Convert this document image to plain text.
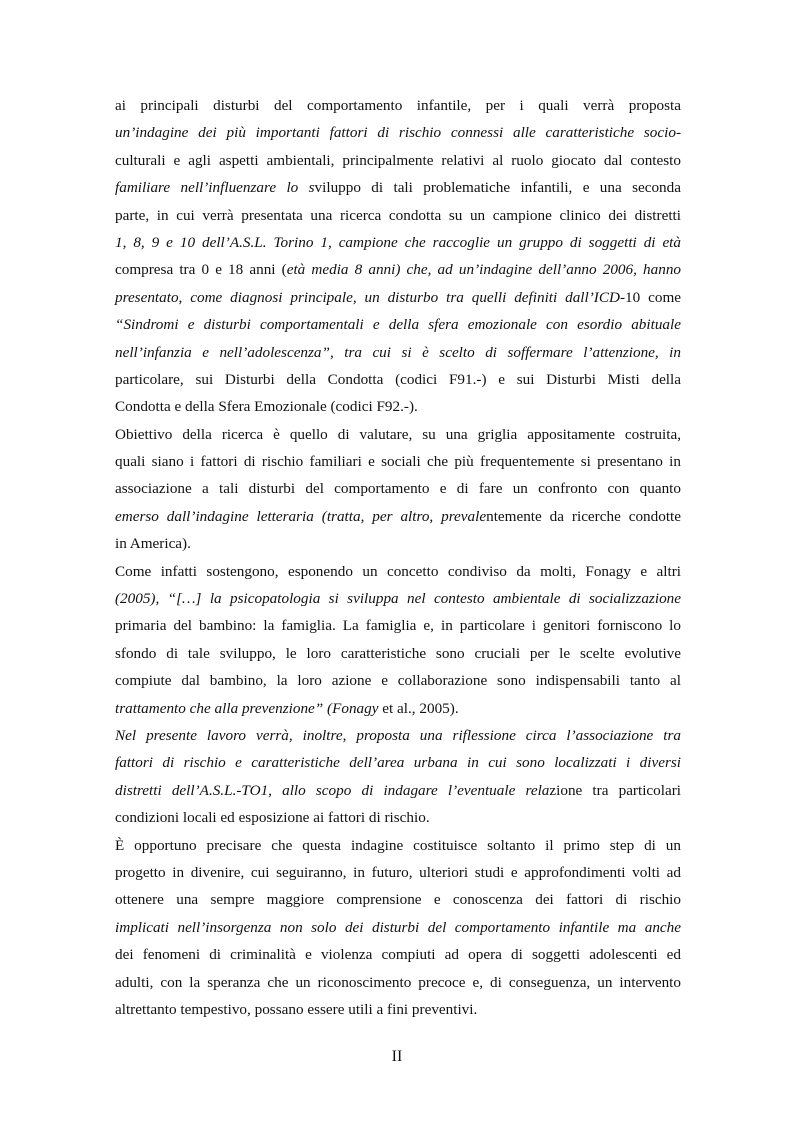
ai principali disturbi del comportamento infantile, per i quali verrà proposta
un’indagine dei più importanti fattori di rischio connessi alle caratteristiche socio-
culturali e agli aspetti ambientali, principalmente relativi al ruolo giocato dal contesto
familiare nell’influenzare lo sviluppo di tali problematiche infantili, e una seconda
parte, in cui verrà presentata una ricerca condotta su un campione clinico dei distretti
1, 8, 9 e 10 dell’A.S.L. Torino 1, campione che raccoglie un gruppo di soggetti di età
compresa tra 0 e 18 anni (età media 8 anni) che, ad un’indagine dell’anno 2006, hanno
presentato, come diagnosi principale, un disturbo tra quelli definiti dall’ICD-10 come
“Sindromi e disturbi comportamentali e della sfera emozionale con esordio abituale
nell’infanzia e nell’adolescenza”, tra cui si è scelto di soffermare l’attenzione, in
particolare, sui Disturbi della Condotta (codici F91.-) e sui Disturbi Misti della
Condotta e della Sfera Emozionale (codici F92.-).
Obiettivo della ricerca è quello di valutare, su una griglia appositamente costruita,
quali siano i fattori di rischio familiari e sociali che più frequentemente si presentano in
associazione a tali disturbi del comportamento e di fare un confronto con quanto
emerso dall’indagine letteraria (tratta, per altro, prevalentemente da ricerche condotte
in America).
Come infatti sostengono, esponendo un concetto condiviso da molti, Fonagy e altri
(2005), “[…] la psicopatologia si sviluppa nel contesto ambientale di socializzazione
primaria del bambino: la famiglia. La famiglia e, in particolare i genitori forniscono lo
sfondo di tale sviluppo, le loro caratteristiche sono cruciali per le scelte evolutive
compiute dal bambino, la loro azione e collaborazione sono indispensabili tanto al
trattamento che alla prevenzione” (Fonagy et al., 2005).
Nel presente lavoro verrà, inoltre, proposta una riflessione circa l’associazione tra
fattori di rischio e caratteristiche dell’area urbana in cui sono localizzati i diversi
distretti dell’A.S.L.-TO1, allo scopo di indagare l’eventuale relazione tra particolari
condizioni locali ed esposizione ai fattori di rischio.
È opportuno precisare che questa indagine costituisce soltanto il primo step di un
progetto in divenire, cui seguiranno, in futuro, ulteriori studi e approfondimenti volti ad
ottenere una sempre maggiore comprensione e conoscenza dei fattori di rischio
implicati nell’insorgenza non solo dei disturbi del comportamento infantile ma anche
dei fenomeni di criminalità e violenza compiuti ad opera di soggetti adolescenti ed
adulti, con la speranza che un riconoscimento precoce e, di conseguenza, un intervento
altrettanto tempestivo, possano essere utili a fini preventivi.
II
